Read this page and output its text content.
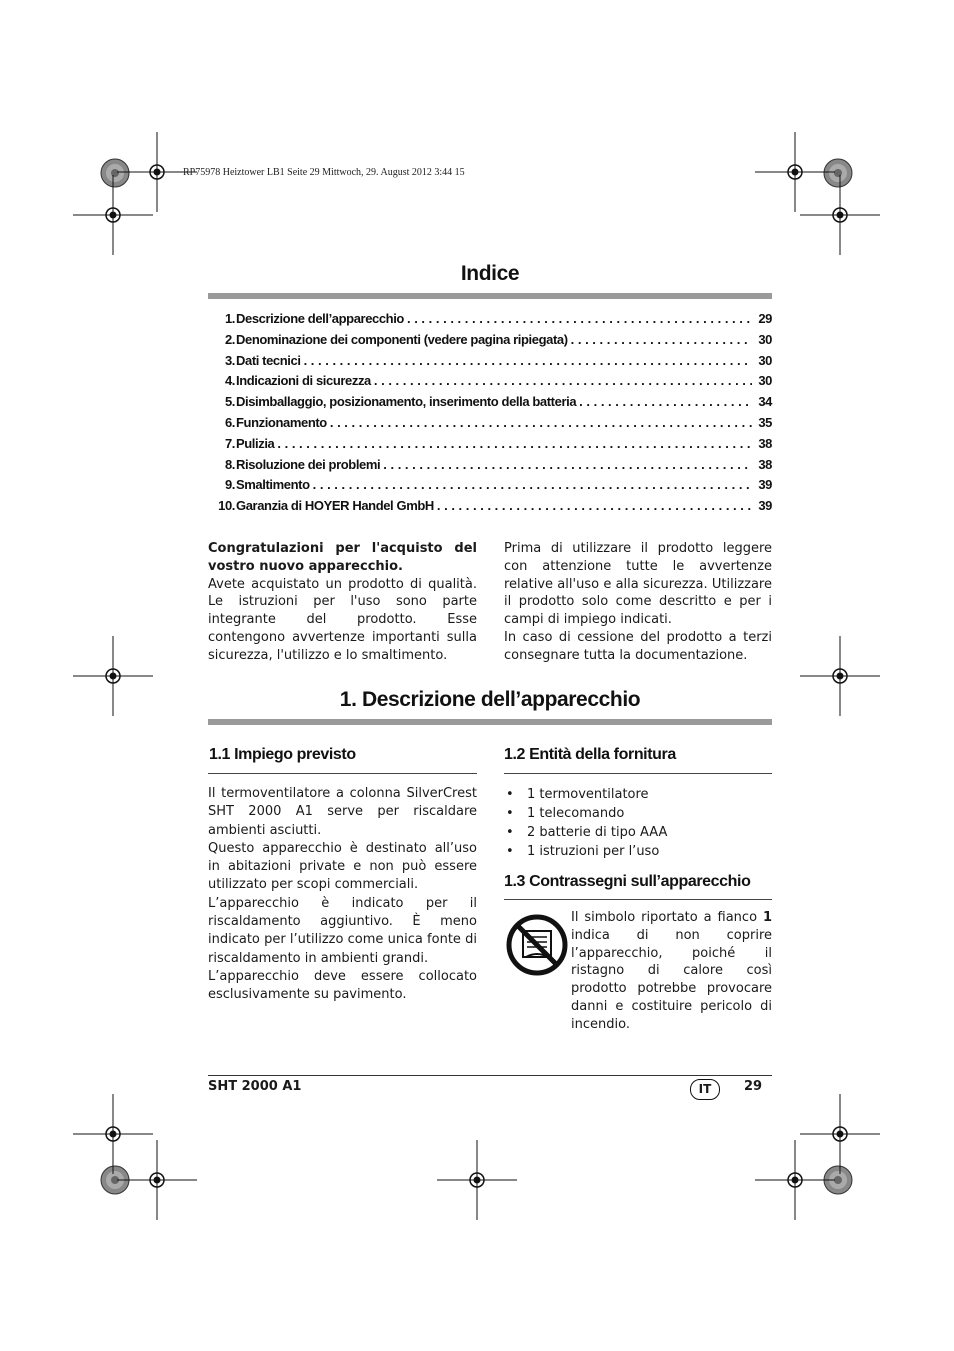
RP75978 Heiztower LB1 Seite 29 Mittwoch, 29. August 2012 3:44 15
Indice
1. Descrizione dell’apparecchio . . .	29
2. Denominazione dei componenti (vedere pagina ripiegata) . . .	30
3. Dati tecnici . . .	30
4. Indicazioni di sicurezza . . .	30
5. Disimballaggio, posizionamento, inserimento della batteria . . .	34
6. Funzionamento . . .	35
7. Pulizia . . .	38
8. Risoluzione dei problemi . . .	38
9. Smaltimento . . .	39
10. Garanzia di HOYER Handel GmbH . . .	39

Congratulazioni per l'acquisto del vostro nuovo apparecchio.

Avete acquistato un prodotto di qualità. Le istruzioni per l'uso sono parte integrante del prodotto. Esse contengono avvertenze importanti sulla sicurezza, l'utilizzo e lo smaltimento.

Prima di utilizzare il prodotto leggere con attenzione tutte le avvertenze relative all'uso e alla sicurezza. Utilizzare il prodotto solo come descritto e per i campi di impiego indicati.

In caso di cessione del prodotto a terzi consegnare tutta la documentazione.

1. Descrizione dell’apparecchio
1.1 Impiego previsto

Il termoventilatore a colonna SilverCrest SHT 2000 A1 serve per riscaldare ambienti asciutti.

Questo apparecchio è destinato all’uso in abitazioni private e non può essere utilizzato per scopi commerciali.

L’apparecchio è indicato per il riscaldamento aggiuntivo. È meno indicato per l’utilizzo come unica fonte di riscaldamento in ambienti grandi.

L’apparecchio deve essere collocato esclusivamente su pavimento.

1.2 Entità della fornitura
• 1 termoventilatore
• 1 telecomando
• 2 batterie di tipo AAA
• 1 istruzioni per l’uso
1.3 Contrassegni sull’apparecchio

Il simbolo riportato a fianco 1 indica di non coprire l’apparecchio, poiché il ristagno di calore così prodotto potrebbe provocare danni e costituire pericolo di incendio.

SHT 2000 A1	IT	29
